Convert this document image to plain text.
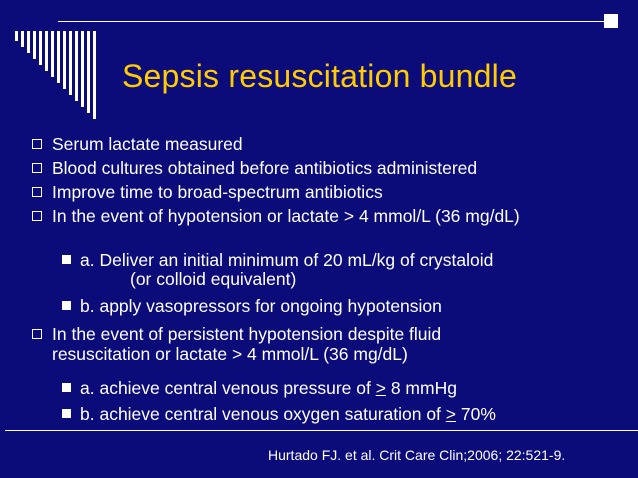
Sepsis resuscitation bundle
Serum lactate measured
Blood cultures obtained before antibiotics administered
Improve time to broad-spectrum antibiotics
In the event of hypotension or lactate > 4 mmol/L (36 mg/dL)
a. Deliver an initial minimum of 20 mL/kg of crystaloid
(or colloid equivalent)
b. apply vasopressors for ongoing hypotension
In the event of persistent hypotension despite fluid
resuscitation or lactate > 4 mmol/L (36 mg/dL)
a. achieve central venous pressure of ≥ 8 mmHg
b. achieve central venous oxygen saturation of ≥ 70%
Hurtado FJ. et al. Crit Care Clin;2006; 22:521-9.
